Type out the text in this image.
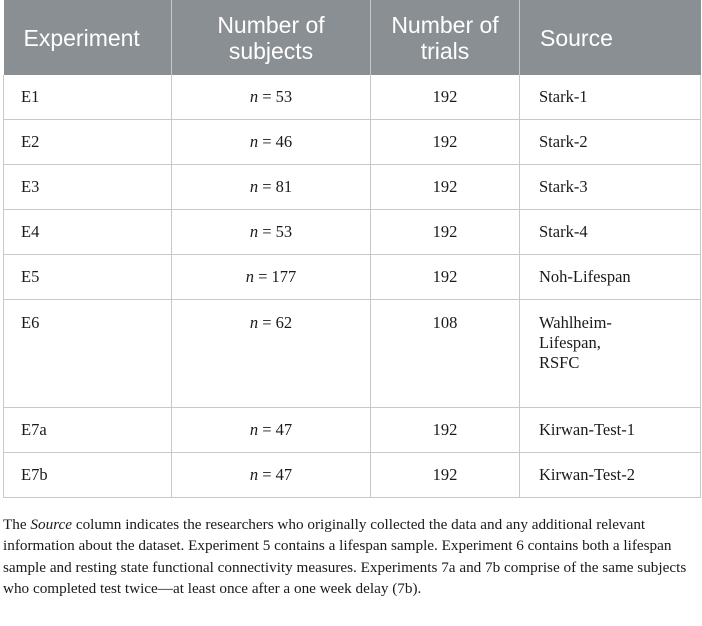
Experiment	Number of subjects	Number of trials	Source
E1	n = 53	192	Stark-1
E2	n = 46	192	Stark-2
E3	n = 81	192	Stark-3
E4	n = 53	192	Stark-4
E5	n = 177	192	Noh-Lifespan
E6	n = 62	108	Wahlheim-
Lifespan,
RSFC

E7a	n = 47	192	Kirwan-Test-1
E7b	n = 47	192	Kirwan-Test-2
The Source column indicates the researchers who originally collected the data and any additional relevant information about the dataset. Experiment 5 contains a lifespan sample. Experiment 6 contains both a lifespan sample and resting state functional connectivity measures. Experiments 7a and 7b comprise of the same subjects who completed test twice—at least once after a one week delay (7b).
